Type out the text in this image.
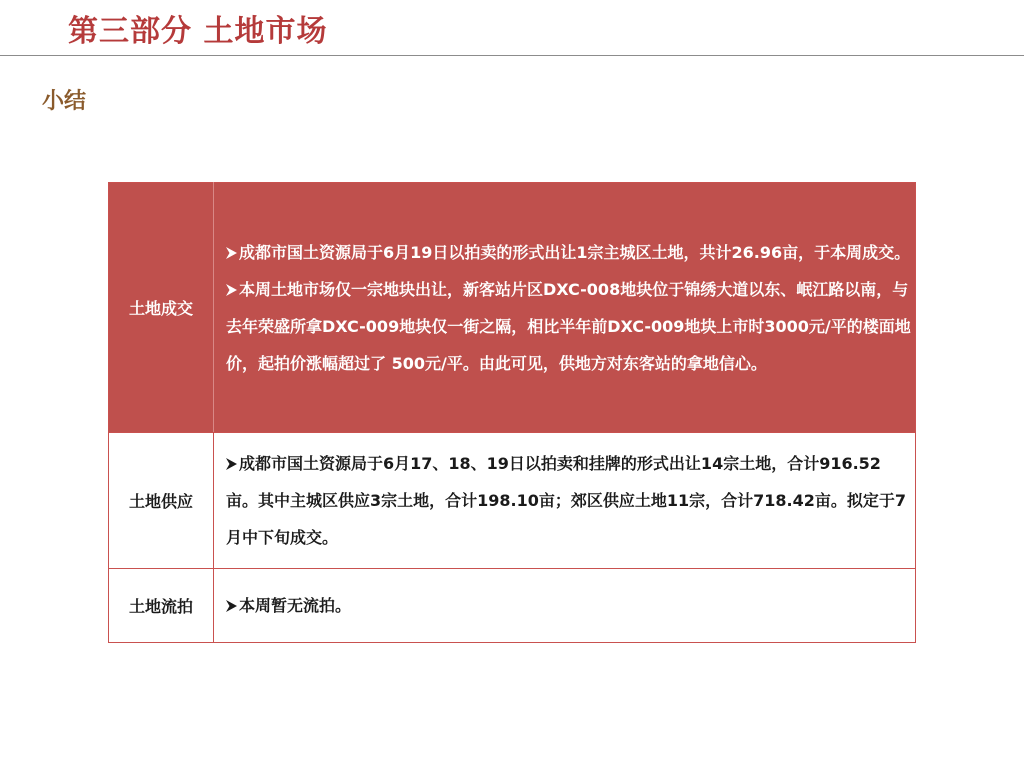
第三部分 土地市场
小结
土地成交	成都市国土资源局于6月19日以拍卖的形式出让1宗主城区土地，共计26.96亩，于本周成交。

本周土地市场仅一宗地块出让，新客站片区DXC-008地块位于锦绣大道以东、岷江路以南，与去年荣盛所拿DXC-009地块仅一街之隔，相比半年前DXC-009地块上市时3000元/平的楼面地价，起拍价涨幅超过了 500元/平。由此可见，供地方对东客站的拿地信心。

土地供应	成都市国土资源局于6月17、18、19日以拍卖和挂牌的形式出让14宗土地，合计916.52亩。其中主城区供应3宗土地，合计198.10亩；郊区供应土地11宗，合计718.42亩。拟定于7月中下旬成交。

土地流拍	本周暂无流拍。
